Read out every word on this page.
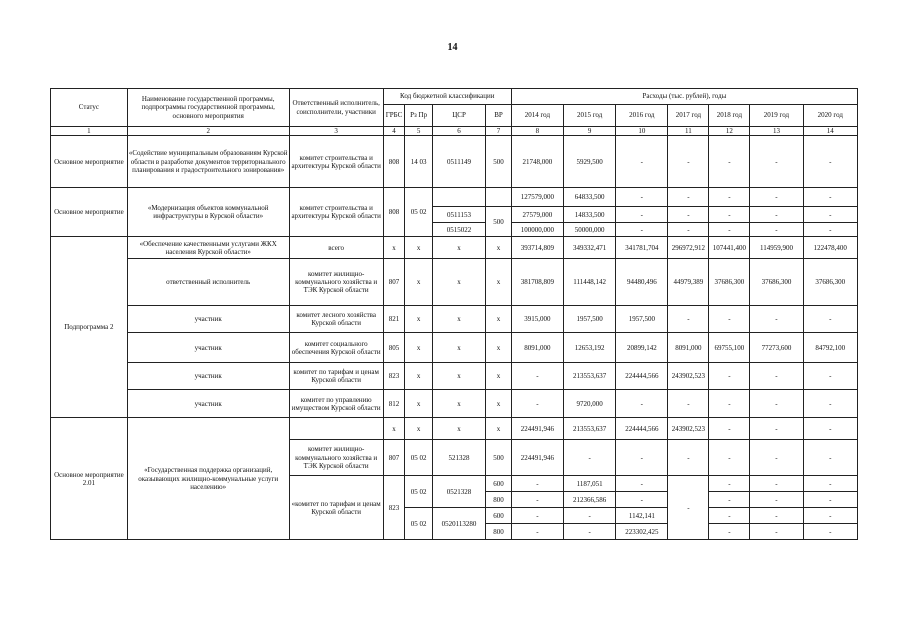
14
Статус	Наименование государственной программы, подпрограммы государственной программы, основного мероприятия	Ответственный исполнитель, соисполнители, участники	Код бюджетной классификации				Расходы (тыс. рублей), годы						
			ГРБС	Рз Пр	ЦСР	ВР	2014 год	2015 год	2016 год	2017 год	2018 год	2019 год	2020 год
1	2	3	4	5	6	7	8	9	10	11	12	13	14
Основное мероприятие	«Содействие муниципальным образованиям Курской области в разработке документов территориального планирования и градостроительного зонирования»	комитет строительства и архитектуры Курской области	808	14 03	0511149	500	21748,000	5929,500	-	-	-	-	-
Основное мероприятие	«Модернизация объектов коммунальной инфраструктуры в Курской области»	комитет строительства и архитектуры Курской области	808	05 02			127579,000	64833,500	-	-	-	-	-
					0511153	500	27579,000	14833,500	-	-	-	-	-
					0515022		100000,000	50000,000	-	-	-	-	-
Подпрограмма 2	«Обеспечение качественными услугами ЖКХ населения Курской области»	всего	x	x	x	x	393714,809	349332,471	341781,704	296972,912	107441,400	114959,900	122478,400
	ответственный исполнитель	комитет жилищно-коммунального хозяйства и ТЭК Курской области	807	x	x	x	381708,809	111448,142	94480,496	44979,389	37686,300	37686,300	37686,300
	участник	комитет лесного хозяйства Курской области	821	x	x	x	3915,000	1957,500	1957,500	-	-	-	-
	участник	комитет социального обеспечения Курской области	805	x	x	x	8091,000	12653,192	20899,142	8091,000	69755,100	77273,600	84792,100
	участник	комитет по тарифам и ценам Курской области	823	x	x	x	-	213553,637	224444,566	243902,523	-	-	-
	участник	комитет по управлению имуществом Курской области	812	x	x	x	-	9720,000	-	-	-	-	-
Основное мероприятие 2.01	«Государственная поддержка организаций, оказывающих жилищно-коммунальные услуги населению»		x	x	x	x	224491,946	213553,637	224444,566	243902,523	-	-	-
		комитет жилищно-коммунального хозяйства и ТЭК Курской области	807	05 02	521328	500	224491,946	-	-	-	-	-	-
		«комитет по тарифам и ценам Курской области	823	05 02	0521328	600	-	1187,051	-	-	-	-	-
						800	-	212366,586	-		-	-	-
				05 02	0520113280	600	-	-	1142,141		-	-	-
						800	-	-	223302,425		-	-	-
